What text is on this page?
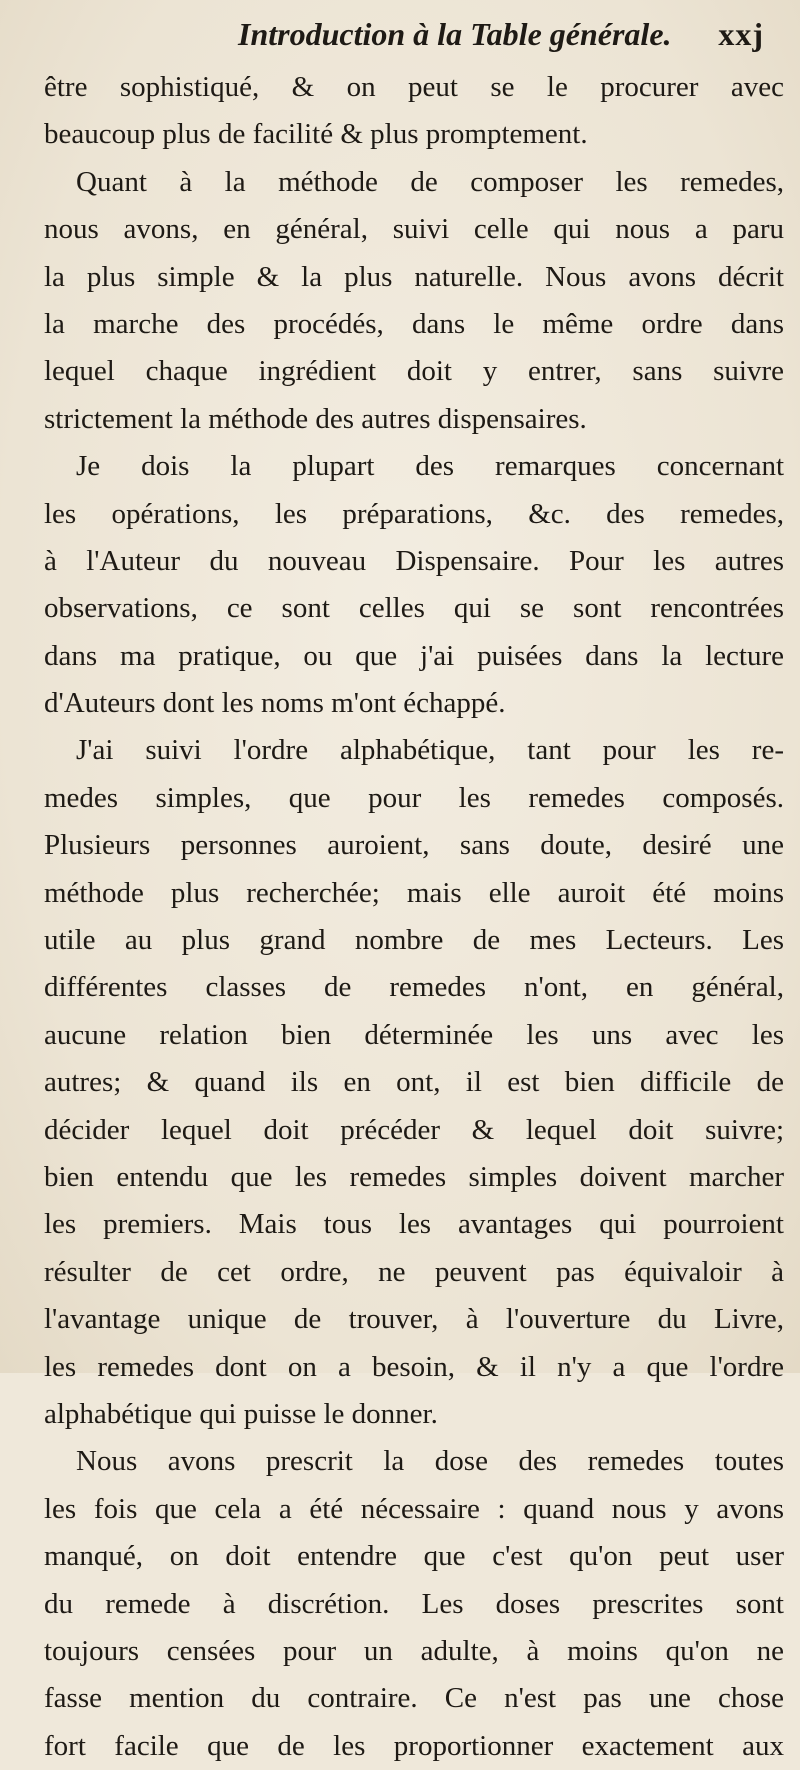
Introduction à la Table générale. xxj
être sophistiqué, & on peut se le procurer avec
beaucoup plus de facilité & plus promptement.
Quant à la méthode de composer les remedes,
nous avons, en général, suivi celle qui nous a paru
la plus simple & la plus naturelle. Nous avons décrit
la marche des procédés, dans le même ordre dans
lequel chaque ingrédient doit y entrer, sans suivre
strictement la méthode des autres dispensaires.
Je dois la plupart des remarques concernant
les opérations, les préparations, &c. des remedes,
à l'Auteur du nouveau Dispensaire. Pour les autres
observations, ce sont celles qui se sont rencontrées
dans ma pratique, ou que j'ai puisées dans la lecture
d'Auteurs dont les noms m'ont échappé.
J'ai suivi l'ordre alphabétique, tant pour les re-
medes simples, que pour les remedes composés.
Plusieurs personnes auroient, sans doute, desiré une
méthode plus recherchée; mais elle auroit été moins
utile au plus grand nombre de mes Lecteurs. Les
différentes classes de remedes n'ont, en général,
aucune relation bien déterminée les uns avec les
autres; & quand ils en ont, il est bien difficile de
décider lequel doit précéder & lequel doit suivre;
bien entendu que les remedes simples doivent marcher
les premiers. Mais tous les avantages qui pourroient
résulter de cet ordre, ne peuvent pas équivaloir à
l'avantage unique de trouver, à l'ouverture du Livre,
les remedes dont on a besoin, & il n'y a que l'ordre
alphabétique qui puisse le donner.
Nous avons prescrit la dose des remedes toutes
les fois que cela a été nécessaire : quand nous y avons
manqué, on doit entendre que c'est qu'on peut user
du remede à discrétion. Les doses prescrites sont
toujours censées pour un adulte, à moins qu'on ne
fasse mention du contraire. Ce n'est pas une chose
fort facile que de les proportionner exactement aux
